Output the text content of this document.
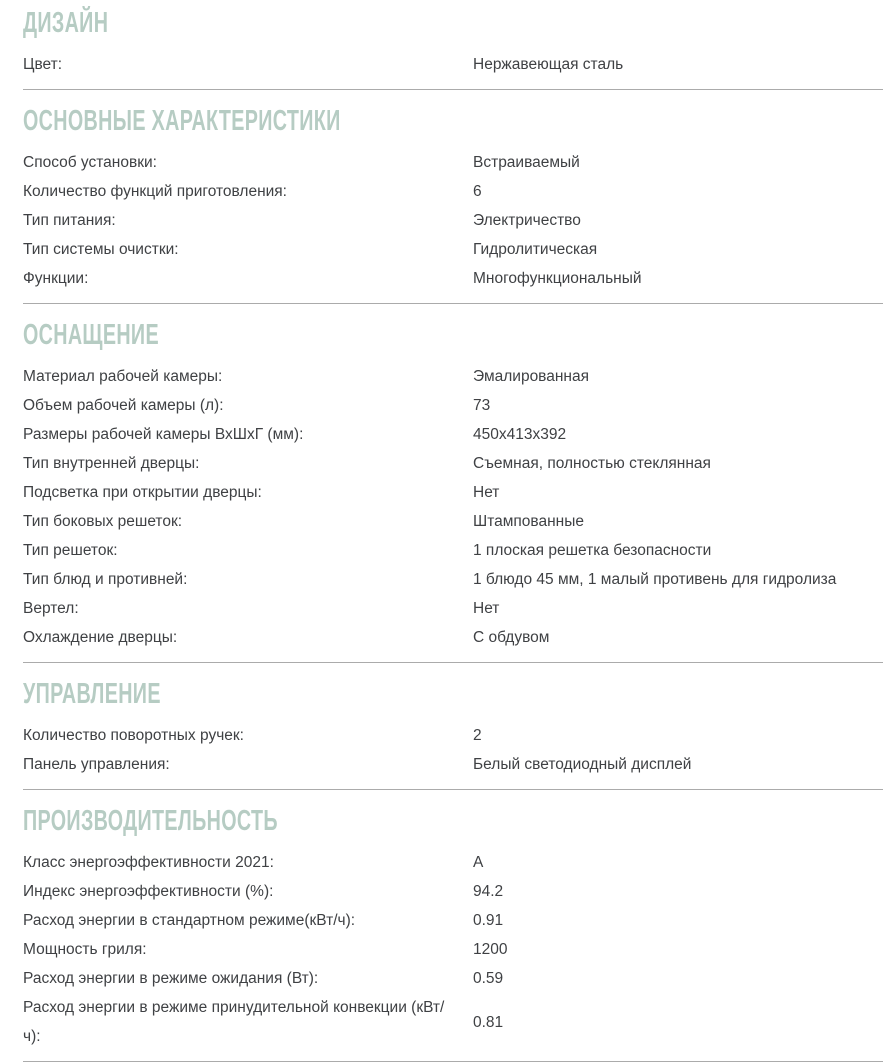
ДИЗАЙН
Цвет:	Нержавеющая сталь
ОСНОВНЫЕ ХАРАКТЕРИСТИКИ
Способ установки:	Встраиваемый
Количество функций приготовления:	6
Тип питания:	Электричество
Тип системы очистки:	Гидролитическая
Функции:	Многофункциональный
ОСНАЩЕНИЕ
Материал рабочей камеры:	Эмалированная
Объем рабочей камеры (л):	73
Размеры рабочей камеры ВхШхГ (мм):	450x413x392
Тип внутренней дверцы:	Съемная, полностью стеклянная
Подсветка при открытии дверцы:	Нет
Тип боковых решеток:	Штампованные
Тип решеток:	1 плоская решетка безопасности
Тип блюд и противней:	1 блюдо 45 мм, 1 малый противень для гидролиза
Вертел:	Нет
Охлаждение дверцы:	С обдувом
УПРАВЛЕНИЕ
Количество поворотных ручек:	2
Панель управления:	Белый светодиодный дисплей
ПРОИЗВОДИТЕЛЬНОСТЬ
Класс энергоэффективности 2021:	A
Индекс энергоэффективности (%):	94.2
Расход энергии в стандартном режиме(кВт/ч):	0.91
Мощность гриля:	1200
Расход энергии в режиме ожидания (Вт):	0.59
Расход энергии в режиме принудительной конвекции (кВт/ч):
0.81
